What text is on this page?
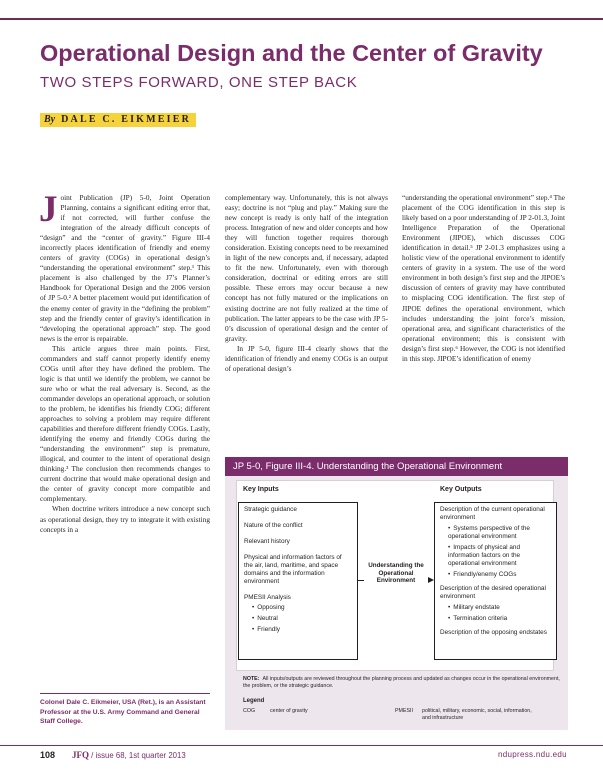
Operational Design and the Center of Gravity
TWO STEPS FORWARD, ONE STEP BACK
By DALE C. EIKMEIER

Joint Publication (JP) 5-0, Joint Operation Planning, contains a significant editing error that, if not corrected, will further confuse the integration of the already difficult concepts of “design” and the “center of gravity.” Figure III-4 incorrectly places identification of friendly and enemy centers of gravity (COGs) in operational design’s “understanding the operational environment” step.¹ This placement is also challenged by the J7’s Planner’s Handbook for Operational Design and the 2006 version of JP 5-0.² A better placement would put identification of the enemy center of gravity in the “defining the problem” step and the friendly center of gravity’s identification in “developing the operational approach” step. The good news is the error is repairable.

This article argues three main points. First, commanders and staff cannot properly identify enemy COGs until after they have defined the problem. The logic is that until we identify the problem, we cannot be sure who or what the real adversary is. Second, as the commander develops an operational approach, or solution to the problem, he identifies his friendly COG; different approaches to solving a problem may require different capabilities and therefore different friendly COGs. Lastly, identifying the enemy and friendly COGs during the “understanding the environment” step is premature, illogical, and counter to the intent of operational design thinking.³ The conclusion then recommends changes to current doctrine that would make operational design and the center of gravity concept more compatible and complementary.

When doctrine writers introduce a new concept such as operational design, they try to integrate it with existing concepts in a

complementary way. Unfortunately, this is not always easy; doctrine is not “plug and play.” Making sure the new concept is ready is only half of the integration process. Integration of new and older concepts and how they will function together requires thorough consideration. Existing concepts need to be reexamined in light of the new concepts and, if necessary, adapted to fit the new. Unfortunately, even with thorough consideration, doctrinal or editing errors are still possible. These errors may occur because a new concept has not fully matured or the implications on existing doctrine are not fully realized at the time of publication. The latter appears to be the case with JP 5-0’s discussion of operational design and the center of gravity.

In JP 5-0, figure III-4 clearly shows that the identification of friendly and enemy COGs is an output of operational design’s

“understanding the operational environment” step.⁴ The placement of the COG identification in this step is likely based on a poor understanding of JP 2-01.3, Joint Intelligence Preparation of the Operational Environment (JIPOE), which discusses COG identification in detail.⁵ JP 2-01.3 emphasizes using a holistic view of the operational environment to identify centers of gravity in a system. The use of the word environment in both design’s first step and the JIPOE’s discussion of centers of gravity may have contributed to misplacing COG identification. The first step of JIPOE defines the operational environment, which includes understanding the joint force’s mission, operational area, and significant characteristics of the operational environment; this is consistent with design’s first step.⁶ However, the COG is not identified in this step. JIPOE’s identification of enemy

Colonel Dale C. Eikmeier, USA (Ret.), is an Assistant Professor at the U.S. Army Command and General Staff College.
JP 5-0, Figure III-4. Understanding the Operational Environment
Key Inputs	Key Outputs
Strategic guidance
Nature of the conflict
Relevant history
Physical and information factors of the air, land, maritime, and space domains and the information environment
PMESII Analysis
• Opposing
• Neutral
• Friendly
Understanding the Operational Environment
Description of the current operational environment
• Systems perspective of the operational environment
• Impacts of physical and information factors on the operational environment
• Friendly/enemy COGs
Description of the desired operational environment
• Military endstate
• Termination criteria
Description of the opposing endstates
NOTE: All inputs/outputs are reviewed throughout the planning process and updated as changes occur in the operational environment, the problem, or the strategic guidance.
Legend
COG	center of gravity	PMESII political, military, economic, social, information, and infrastructure
108 JFQ / issue 68, 1st quarter 2013	ndupress.ndu.edu
